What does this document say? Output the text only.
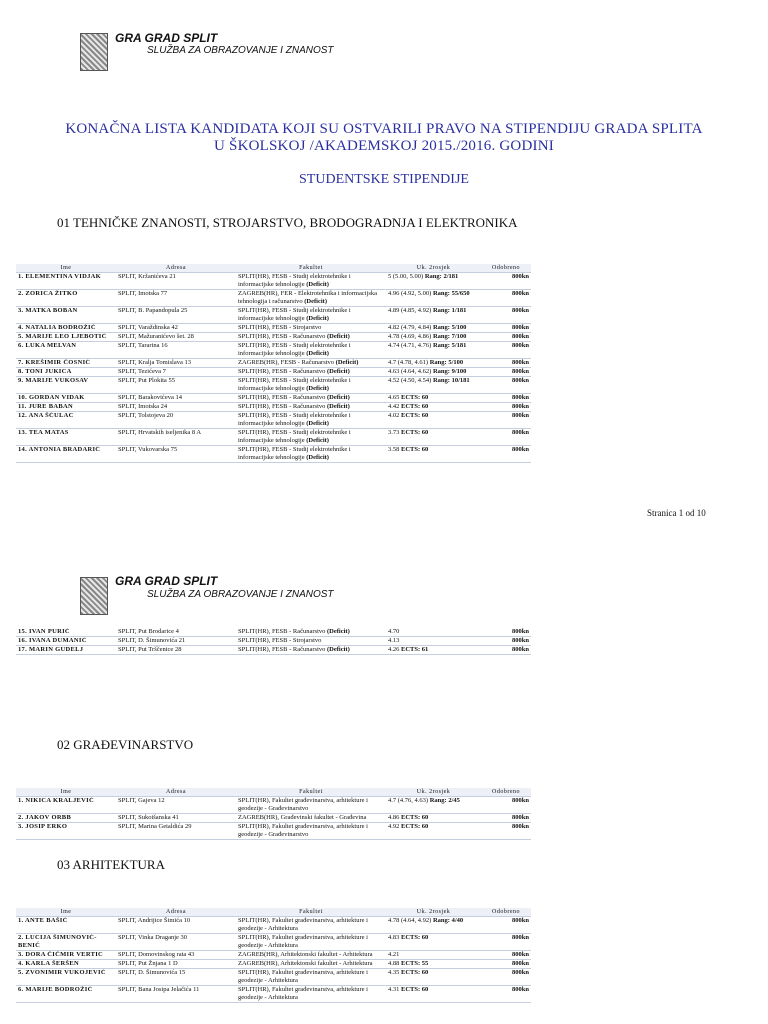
GRA GRAD SPLIT
SLUŽBA ZA OBRAZOVANJE I ZNANOST
KONAČNA LISTA KANDIDATA KOJI SU OSTVARILI PRAVO NA STIPENDIJU GRADA SPLITA
U ŠKOLSKOJ /AKADEMSKOJ 2015./2016. GODINI
STUDENTSKE STIPENDIJE
01 TEHNIČKE ZNANOSTI, STROJARSTVO, BRODOGRADNJA I ELEKTRONIKA
Ime	Adresa	Fakultet	Uk. 2rosjek	Odobreno
1. ELEMENTINA VIDJAK	SPLIT, Kržanićeva 21	SPLIT(HR), FESB - Studij elektrotehnike i informacijske tehnologije (Deficit)	5 (5.00, 5.00) Rang: 2/181	800kn
2. ZORICA ŽITKO	SPLIT, Imotska 77	ZAGREB(HR), FER - Elektrotehnika i informacijska tehnologija i računarstvo (Deficit)	4.96 (4.92, 5.00) Rang: 55/650	800kn
3. MATKA BOBAN	SPLIT, B. Papandopula 25	SPLIT(HR), FESB - Studij elektrotehnike i informacijske tehnologije (Deficit)	4.89 (4.85, 4.92) Rang: 1/181	800kn
4. NATALIA BODROŽIĆ	SPLIT, Varaždinska 42	SPLIT(HR), FESB - Strojarstvo	4.82 (4.79, 4.84) Rang: 5/100	800kn
5. MARIJE LEO LJEBOTIĆ	SPLIT, Mažuranićevo šet. 28	SPLIT(HR), FESB - Računarstvo (Deficit)	4.78 (4.69, 4.86) Rang: 7/100	800kn
6. LUKA MELVAN	SPLIT, Tararina 16	SPLIT(HR), FESB - Studij elektrotehnike i informacijske tehnologije (Deficit)	4.74 (4.71, 4.76) Rang: 5/181	800kn
7. KREŠIMIR ČOSNIĆ	SPLIT, Kralja Tomislava 13	ZAGREB(HR), FESB - Računarstvo (Deficit)	4.7 (4.78, 4.61) Rang: 5/100	800kn
8. TONI JUKICA	SPLIT, Tezićeva 7	SPLIT(HR), FESB - Računarstvo (Deficit)	4.63 (4.64, 4.62) Rang: 9/100	800kn
9. MARIJE VUKOSAV	SPLIT, Put Plokita 55	SPLIT(HR), FESB - Studij elektrotehnike i informacijske tehnologije (Deficit)	4.52 (4.50, 4.54) Rang: 10/181	800kn
10. GORDAN VIDAK	SPLIT, Barakovićeva 14	SPLIT(HR), FESB - Računarstvo (Deficit)	4.65 ECTS: 60	800kn
11. JURE BABAN	SPLIT, Imotska 24	SPLIT(HR), FESB - Računarstvo (Deficit)	4.42 ECTS: 60	800kn
12. ANA ŠĆULAC	SPLIT, Tolstojeva 20	SPLIT(HR), FESB - Studij elektrotehnike i informacijske tehnologije (Deficit)	4.02 ECTS: 60	800kn
13. TEA MATAS	SPLIT, Hrvatskih iseljenika 8 A	SPLIT(HR), FESB - Studij elektrotehnike i informacijske tehnologije (Deficit)	3.73 ECTS: 60	800kn
14. ANTONIA BRADARIĆ	SPLIT, Vukovarska 75	SPLIT(HR), FESB - Studij elektrotehnike i informacijske tehnologije (Deficit)	3.58 ECTS: 60	800kn
Stranica 1 od 10
GRA GRAD SPLIT
SLUŽBA ZA OBRAZOVANJE I ZNANOST
15. IVAN PURIĆ	SPLIT, Put Brodarice 4	SPLIT(HR), FESB - Računarstvo (Deficit)	4.70	800kn
16. IVANA DUMANIĆ	SPLIT, D. Šimunovića 21	SPLIT(HR), FESB - Strojarstvo	4.13	800kn
17. MARIN GUDELJ	SPLIT, Put Trščenice 28	SPLIT(HR), FESB - Računarstvo (Deficit)	4.26 ECTS: 61	800kn
02 GRAĐEVINARSTVO
Ime	Adresa	Fakultet	Uk. 2rosjek	Odobreno
1. NIKICA KRALJEVIĆ	SPLIT, Gajeva 12	SPLIT(HR), Fakultet građevinarstva, arhitekture i geodezije - Građevinarstvo	4.7 (4.76, 4.63) Rang: 2/45	800kn
2. JAKOV ORBB	SPLIT, Sukoišanska 41	ZAGREB(HR), Građevinski fakultet - Građevina	4.86 ECTS: 60	800kn
3. JOSIP ERKO	SPLIT, Marina Getaldića 29	SPLIT(HR), Fakultet građevinarstva, arhitekture i geodezije - Građevinarstvo	4.92 ECTS: 60	800kn
03 ARHITEKTURA
Ime	Adresa	Fakultet	Uk. 2rosjek	Odobreno
1. ANTE BAŠIĆ	SPLIT, Andrijice Šimića 10	SPLIT(HR), Fakultet građevinarstva, arhitekture i geodezije - Arhitektura	4.78 (4.64, 4.92) Rang: 4/40	800kn
2. LUCIJA ŠIMUNOVIĆ-BENIĆ	SPLIT, Vinka Draganje 30	SPLIT(HR), Fakultet građevinarstva, arhitekture i geodezije - Arhitektura	4.83 ECTS: 60	800kn
3. DORA ČIČMIR VERTIC	SPLIT, Domovinskog rata 43	ZAGREB(HR), Arhitektonski fakultet - Arhitektura	4.21	800kn
4. KARLA ŠERŠEN	SPLIT, Put Žnjana 1 D	ZAGREB(HR), Arhitektonski fakultet - Arhitektura	4.88 ECTS: 55	800kn
5. ZVONIMIR VUKOJEVIĆ	SPLIT, D. Šimunovića 15	SPLIT(HR), Fakultet građevinarstva, arhitekture i geodezije - Arhitektura	4.35 ECTS: 60	800kn
6. MARIJE BODROŽIĆ	SPLIT, Bana Josipa Jelačića 11	SPLIT(HR), Fakultet građevinarstva, arhitekture i geodezije - Arhitektura	4.31 ECTS: 60	800kn
